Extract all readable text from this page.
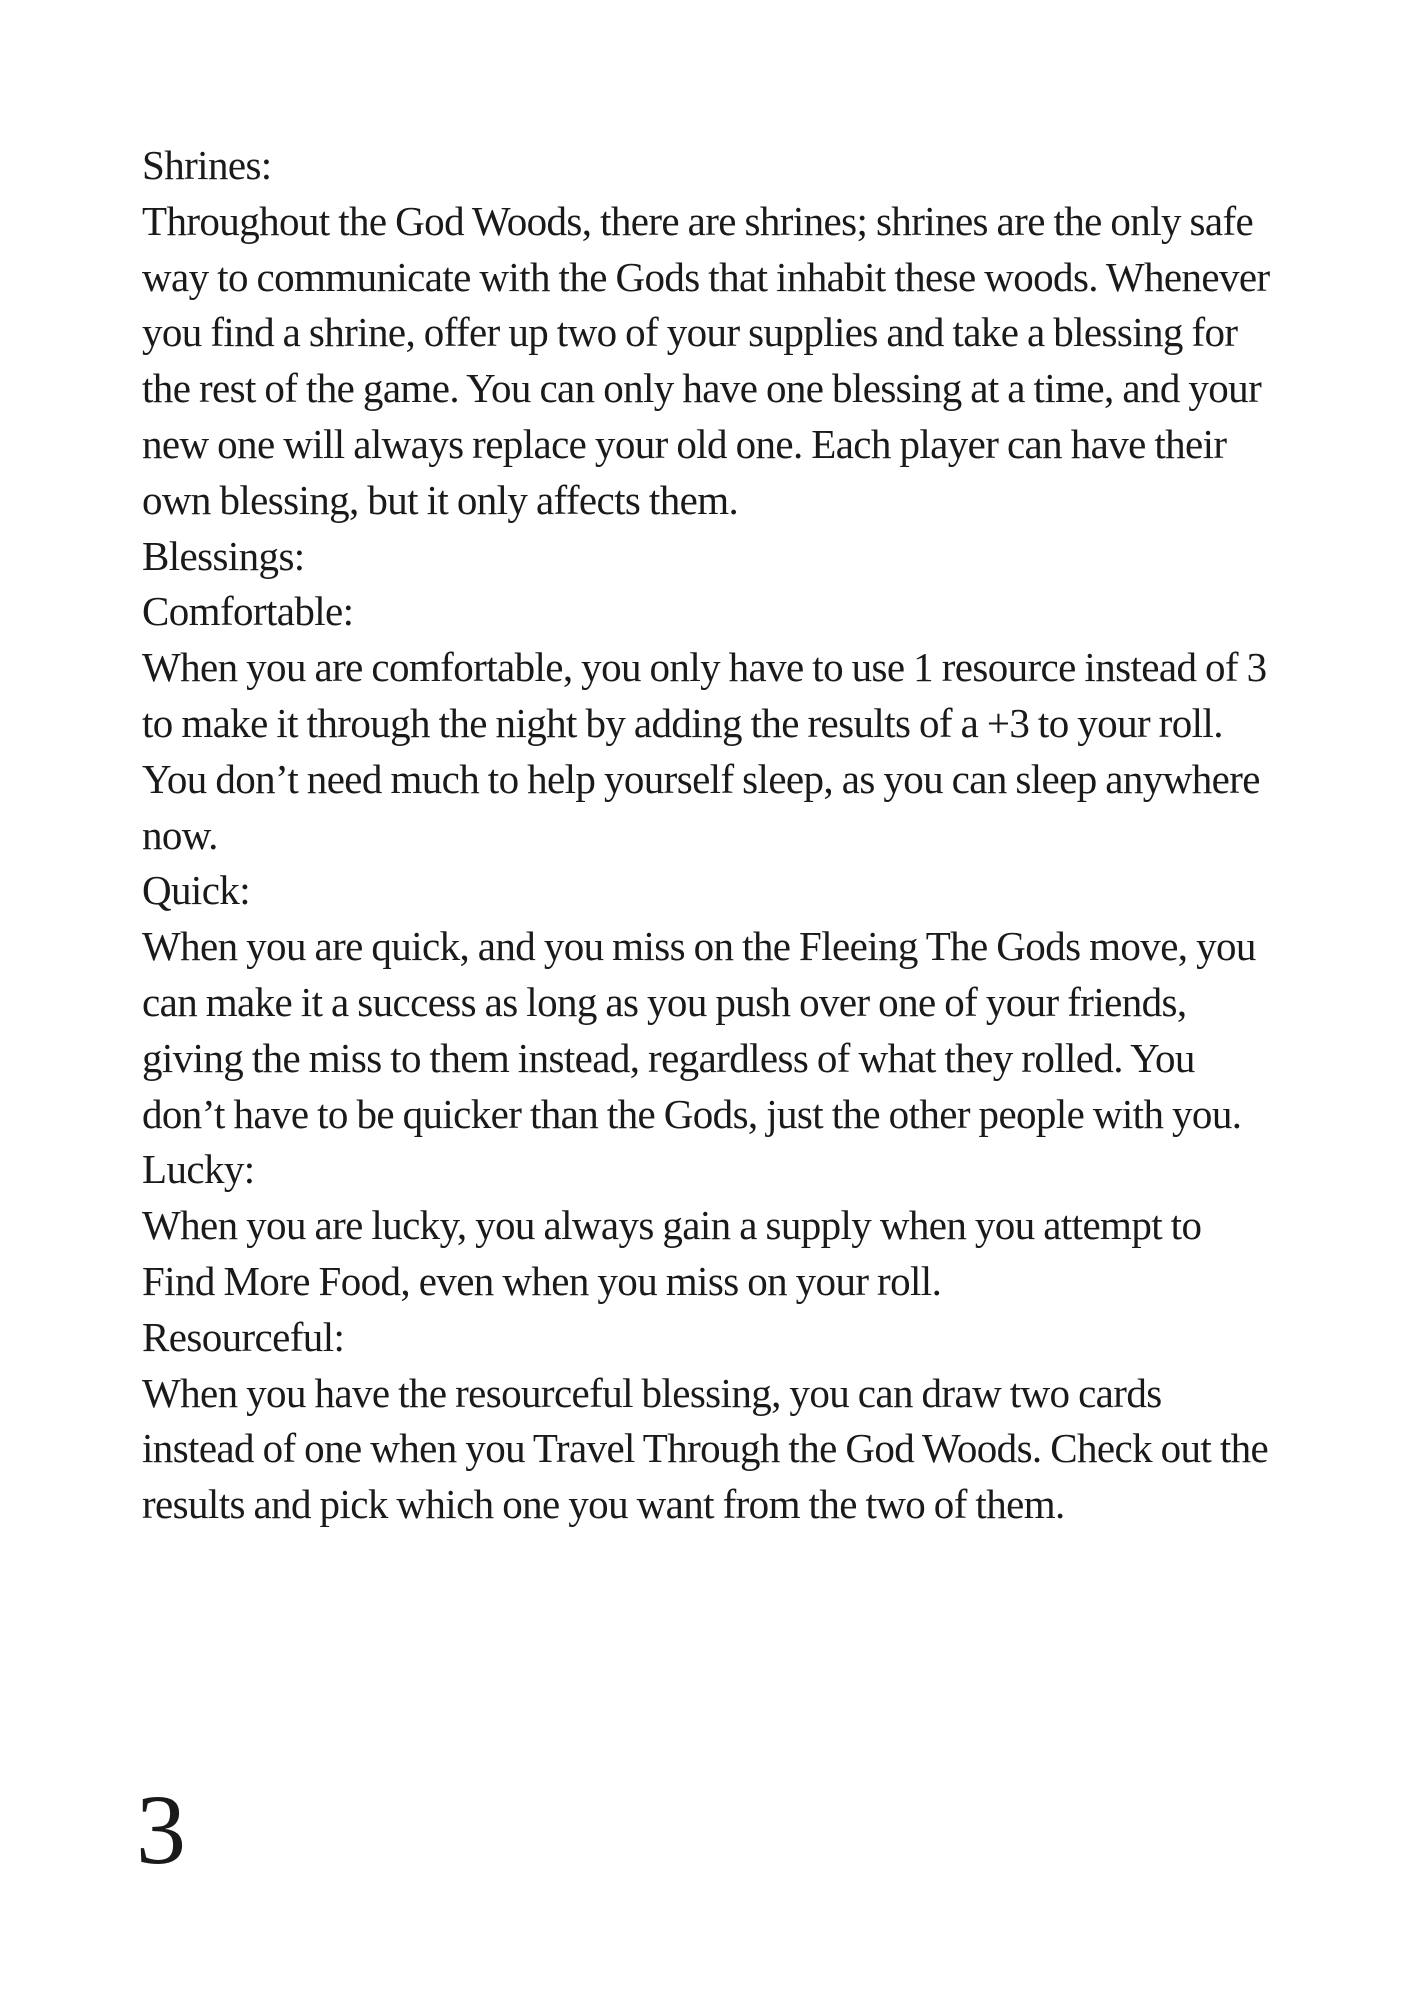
Shrines:

Throughout the God Woods, there are shrines; shrines are the only safe way to communicate with the Gods that inhabit these woods. Whenever you find a shrine, offer up two of your supplies and take a blessing for the rest of the game. You can only have one blessing at a time, and your new one will always replace your old one. Each player can have their own blessing, but it only affects them.

Blessings:
Comfortable:

When you are comfortable, you only have to use 1 resource instead of 3 to make it through the night by adding the results of a +3 to your roll. You don’t need much to help yourself sleep, as you can sleep anywhere now.

Quick:

When you are quick, and you miss on the Fleeing The Gods move, you can make it a success as long as you push over one of your friends, giving the miss to them instead, regardless of what they rolled. You don’t have to be quicker than the Gods, just the other people with you.

Lucky:

When you are lucky, you always gain a supply when you attempt to Find More Food, even when you miss on your roll.

Resourceful:

When you have the resourceful blessing, you can draw two cards instead of one when you Travel Through the God Woods. Check out the results and pick which one you want from the two of them.

3
